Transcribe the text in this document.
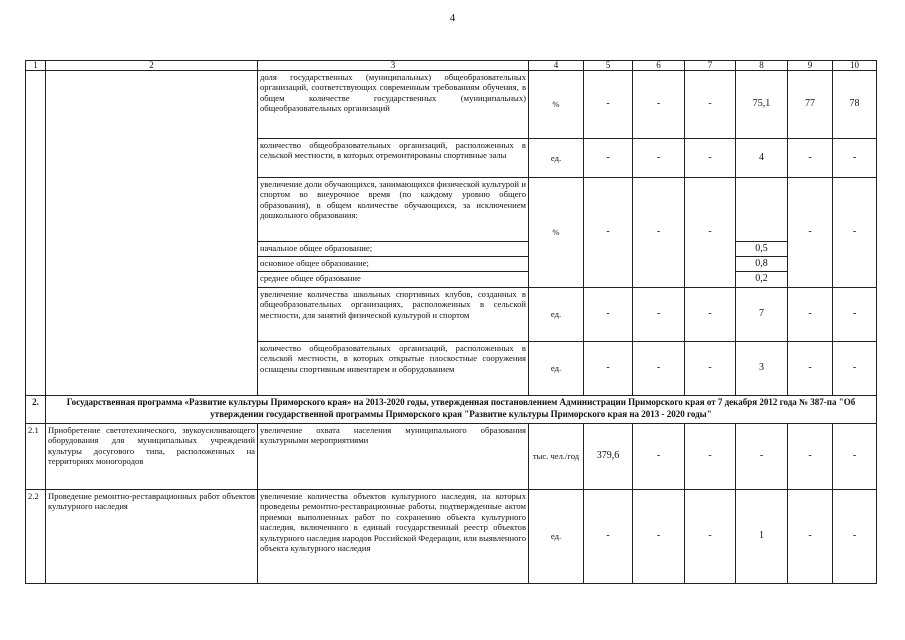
4
1	2	3	4	5	6	7	8	9	10
		доля государственных (муниципальных) общеобразовательных организаций, соответствующих современным требованиям обучения, в общем количестве государственных (муниципальных) общеобразовательных организаций	%	-	-	-	75,1	77	78
		количество общеобразовательных организаций, расположенных в сельской местности, в которых отремонтированы спортивные залы	ед.	-	-	-	4	-	-
		увеличение доли обучающихся, занимающихся физической культурой и спортом во внеурочное время (по каждому уровню общего образования), в общем количестве обучающихся, за исключением дошкольного образования:	%	-	-	-		-	-
		начальное общее образование;					0,5		
		основное общее образование;					0,8		
		среднее общее образование					0,2		
		увеличение количества школьных спортивных клубов, созданных в общеобразовательных организациях, расположенных в сельской местности, для занятий физической культурой и спортом	ед.	-	-	-	7	-	-
		количество общеобразовательных организаций, расположенных в сельской местности, в которых открытые плоскостные сооружения оснащены спортивным инвентарем и оборудованием	ед.	-	-	-	3	-	-
2.	Государственная программа «Развитие культуры Приморского края» на 2013-2020 годы, утвержденная постановлением Администрации Приморского края от 7 декабря 2012 года № 387-па "Об утверждении государственной программы Приморского края "Развитие культуры Приморского края на 2013 - 2020 годы"								
2.1	Приобретение светотехнического, звукоусиливающего оборудования для муниципальных учреждений культуры досугового типа, расположенных на территориях моногородов	увеличение охвата населения муниципального образования культурными мероприятиями	тыс. чел./год	379,6	-	-	-	-	-
2.2	Проведение ремонтно-реставрационных работ объектов культурного наследия	увеличение количества объектов культурного наследия, на которых проведены ремонтно-реставрационные работы, подтвержденные актом приемки выполненных работ по сохранению объекта культурного наследия, включенного в единый государственный реестр объектов культурного наследия народов Российской Федерации, или выявленного объекта культурного наследия	ед.	-	-	-	1	-	-
